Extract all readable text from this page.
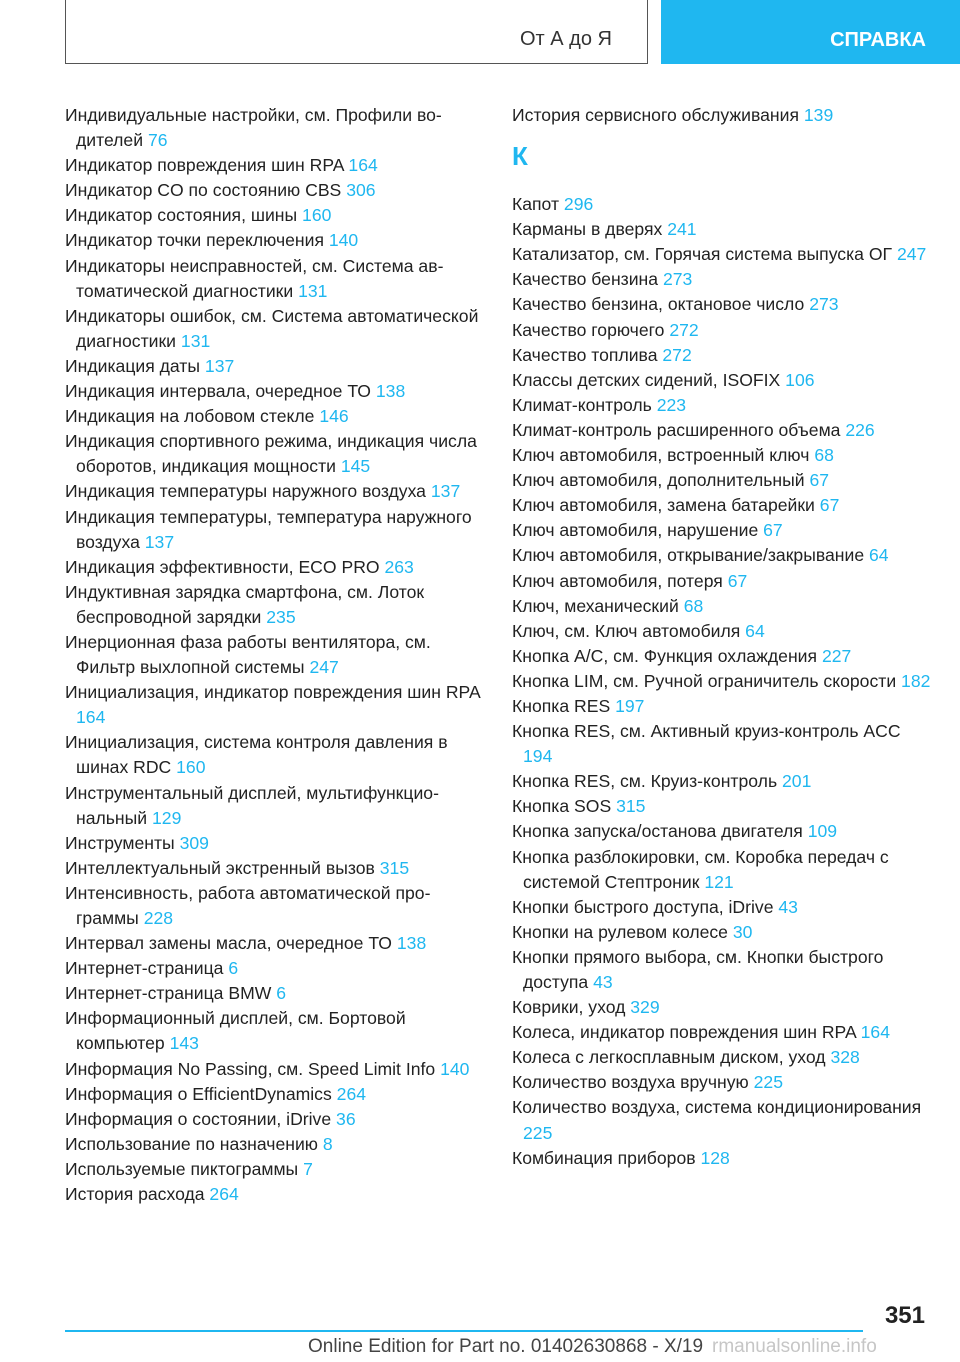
От А до Я	СПРАВКА
Индивидуальные настройки, см. Профили водителей 76
Индикатор повреждения шин RPA 164
Индикатор CO по состоянию CBS 306
Индикатор состояния, шины 160
Индикатор точки переключения 140
Индикаторы неисправностей, см. Система автоматической диагностики 131
Индикаторы ошибок, см. Система автоматической диагностики 131
Индикация даты 137
Индикация интервала, очередное ТО 138
Индикация на лобовом стекле 146
Индикация спортивного режима, индикация числа оборотов, индикация мощности 145
Индикация температуры наружного воздуха 137
Индикация температуры, температура наружного воздуха 137
Индикация эффективности, ECO PRO 263
Индуктивная зарядка смартфона, см. Лоток беспроводной зарядки 235
Инерционная фаза работы вентилятора, см. Фильтр выхлопной системы 247
Инициализация, индикатор повреждения шин RPA 164
Инициализация, система контроля давления в шинах RDC 160
Инструментальный дисплей, мультифункциональный 129
Инструменты 309
Интеллектуальный экстренный вызов 315
Интенсивность, работа автоматической программы 228
Интервал замены масла, очередное ТО 138
Интернет-страница 6
Интернет-страница BMW 6
Информационный дисплей, см. Бортовой компьютер 143
Информация No Passing, см. Speed Limit Info 140
Информация о EfficientDynamics 264
Информация о состоянии, iDrive 36
Использование по назначению 8
Используемые пиктограммы 7
История расхода 264
История сервисного обслуживания 139
К
Капот 296
Карманы в дверях 241
Катализатор, см. Горячая система выпуска ОГ 247
Качество бензина 273
Качество бензина, октановое число 273
Качество горючего 272
Качество топлива 272
Классы детских сидений, ISOFIX 106
Климат-контроль 223
Климат-контроль расширенного объема 226
Ключ автомобиля, встроенный ключ 68
Ключ автомобиля, дополнительный 67
Ключ автомобиля, замена батарейки 67
Ключ автомобиля, нарушение 67
Ключ автомобиля, открывание/закрывание 64
Ключ автомобиля, потеря 67
Ключ, механический 68
Ключ, см. Ключ автомобиля 64
Кнопка A/C, см. Функция охлаждения 227
Кнопка LIM, см. Ручной ограничитель скорости 182
Кнопка RES 197
Кнопка RES, см. Активный круиз-контроль ACC 194
Кнопка RES, см. Круиз-контроль 201
Кнопка SOS 315
Кнопка запуска/останова двигателя 109
Кнопка разблокировки, см. Коробка передач с системой Стептроник 121
Кнопки быстрого доступа, iDrive 43
Кнопки на рулевом колесе 30
Кнопки прямого выбора, см. Кнопки быстрого доступа 43
Коврики, уход 329
Колеса, индикатор повреждения шин RPA 164
Колеса с легкосплавным диском, уход 328
Количество воздуха вручную 225
Количество воздуха, система кондиционирования 225
Комбинация приборов 128
351
Online Edition for Part no. 01402630868 - X/19 rmanualsonline.info
